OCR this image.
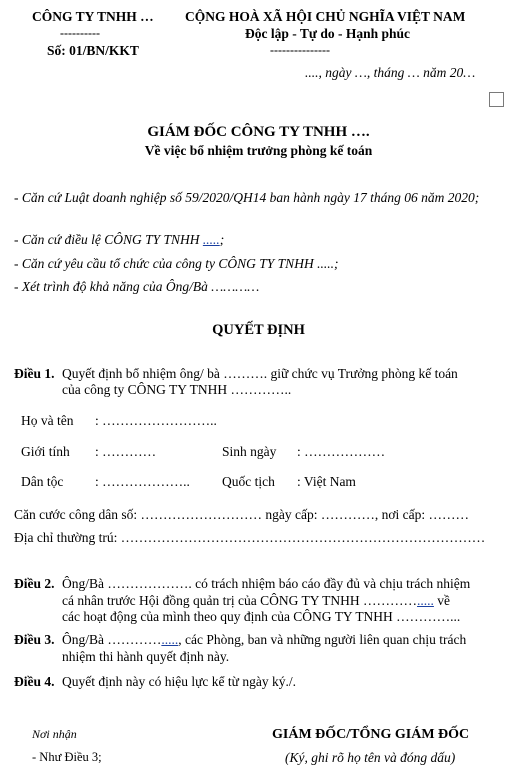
CÔNG TY TNHH …
----------
Số: 01/BN/KKT
CỘNG HOÀ XÃ HỘI CHỦ NGHĨA VIỆT NAM
Độc lập - Tự do - Hạnh phúc
---------------
...., ngày …, tháng … năm 20…
GIÁM ĐỐC CÔNG TY TNHH ….
Về việc bổ nhiệm trưởng phòng kế toán
- Căn cứ Luật doanh nghiệp số 59/2020/QH14 ban hành ngày 17 tháng 06 năm 2020;
- Căn cứ điều lệ CÔNG TY TNHH .....;
- Căn cứ yêu cầu tổ chức của công ty CÔNG TY TNHH .....;
- Xét trình độ khả năng của Ông/Bà …………
QUYẾT ĐỊNH
Điều 1. Quyết định bổ nhiệm ông/ bà ………. giữ chức vụ Trưởng phòng kế toán
của công ty CÔNG TY TNHH …………..
Họ và tên : ……………………..
Giới tính : …………	Sinh ngày : ………………
Dân tộc : ……………….. Quốc tịch : Việt Nam
Căn cước công dân số: ……………………… ngày cấp: …………, nơi cấp: ………
Địa chỉ thường trú: ………………………………………………………………………
Điều 2. Ông/Bà ………………. có trách nhiệm báo cáo đầy đủ và chịu trách nhiệm
cá nhân trước Hội đồng quản trị của CÔNG TY TNHH …………..... về
các hoạt động của mình theo quy định của CÔNG TY TNHH …………...
Điều 3. Ông/Bà …………....., các Phòng, ban và những người liên quan chịu trách
nhiệm thi hành quyết định này.
Điều 4. Quyết định này có hiệu lực kể từ ngày ký./.
Nơi nhận
- Như Điều 3;
GIÁM ĐỐC/TỔNG GIÁM ĐỐC
(Ký, ghi rõ họ tên và đóng dấu)
